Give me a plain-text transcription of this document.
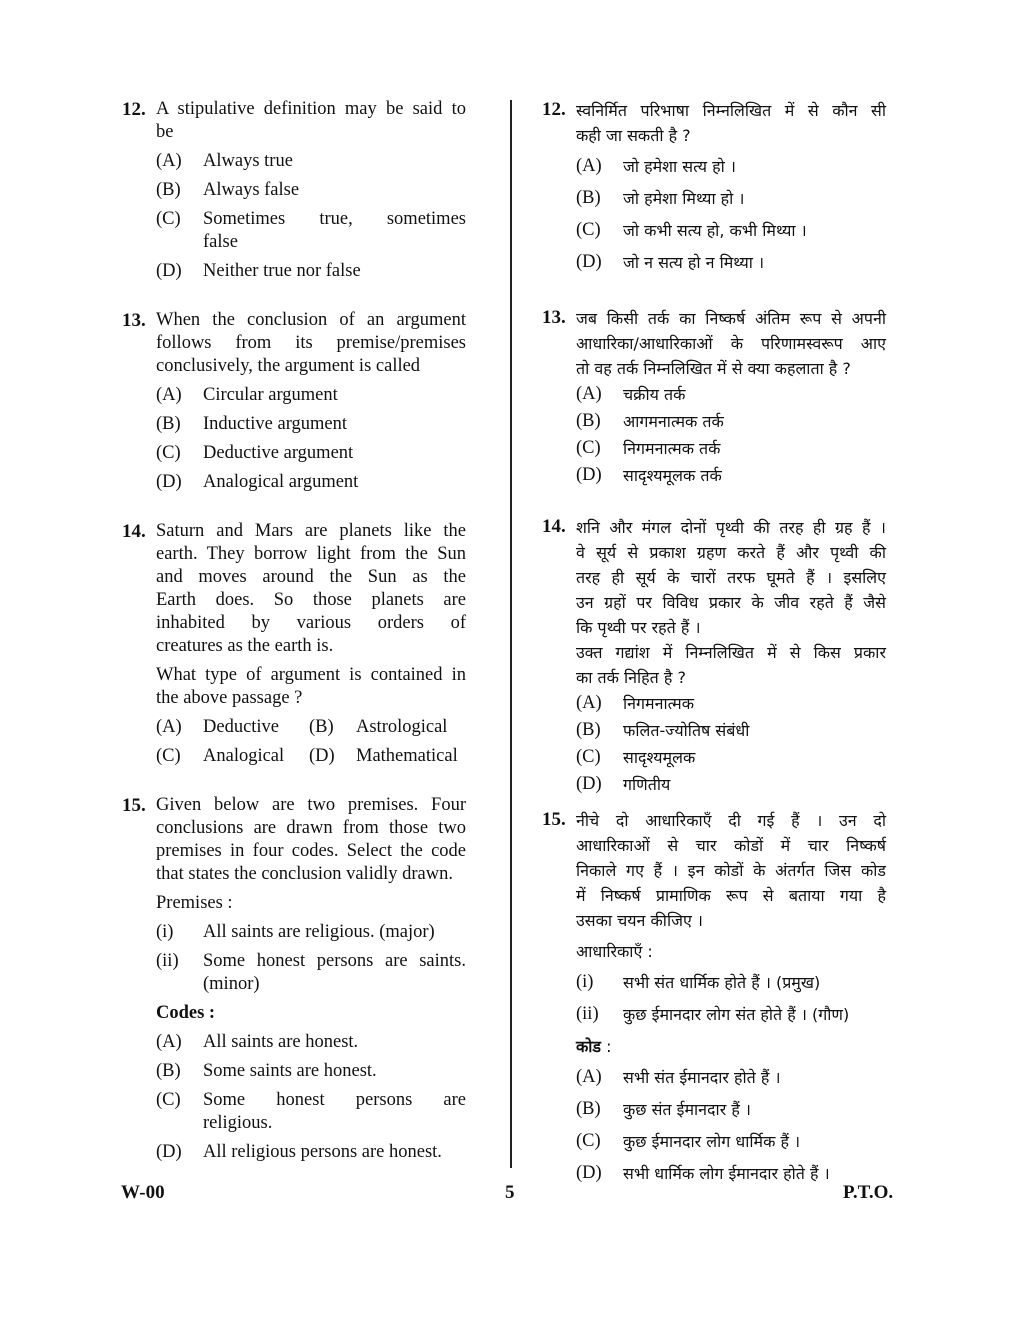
12. A stipulative definition may be said to
be
(A) Always true
(B) Always false
(C) Sometimes true, sometimes
false
(D) Neither true nor false
13. When the conclusion of an argument
follows from its premise/premises
conclusively, the argument is called
(A) Circular argument
(B) Inductive argument
(C) Deductive argument
(D) Analogical argument
14. Saturn and Mars are planets like the
earth. They borrow light from the Sun
and moves around the Sun as the
Earth does. So those planets are
inhabited by various orders of
creatures as the earth is.
What type of argument is contained in
the above passage ?
(A)	Deductive	(B)	Astrological
(C)	Analogical	(D)	Mathematical
15. Given below are two premises. Four
conclusions are drawn from those two
premises in four codes. Select the code
that states the conclusion validly drawn.
Premises :
(i) All saints are religious. (major)
(ii) Some honest persons are saints.
(minor)
Codes :
(A) All saints are honest.
(B) Some saints are honest.
(C) Some honest persons are
religious.
(D) All religious persons are honest.
12. स्वनिर्मित परिभाषा निम्नलिखित में से कौन सी
कही जा सकती है ?
(A) जो हमेशा सत्य हो ।
(B) जो हमेशा मिथ्या हो ।
(C) जो कभी सत्य हो, कभी मिथ्या ।
(D) जो न सत्य हो न मिथ्या ।
13. जब किसी तर्क का निष्कर्ष अंतिम रूप से अपनी
आधारिका/आधारिकाओं के परिणामस्वरूप आए
तो वह तर्क निम्नलिखित में से क्या कहलाता है ?
(A) चक्रीय तर्क
(B) आगमनात्मक तर्क
(C) निगमनात्मक तर्क
(D) सादृश्यमूलक तर्क
14. शनि और मंगल दोनों पृथ्वी की तरह ही ग्रह हैं ।
वे सूर्य से प्रकाश ग्रहण करते हैं और पृथ्वी की
तरह ही सूर्य के चारों तरफ घूमते हैं । इसलिए
उन ग्रहों पर विविध प्रकार के जीव रहते हैं जैसे
कि पृथ्वी पर रहते हैं ।
उक्त गद्यांश में निम्नलिखित में से किस प्रकार
का तर्क निहित है ?
(A) निगमनात्मक
(B) फलित-ज्योतिष संबंधी
(C) सादृश्यमूलक
(D) गणितीय
15. नीचे दो आधारिकाएँ दी गई हैं । उन दो
आधारिकाओं से चार कोडों में चार निष्कर्ष
निकाले गए हैं । इन कोडों के अंतर्गत जिस कोड
में निष्कर्ष प्रामाणिक रूप से बताया गया है
उसका चयन कीजिए ।
आधारिकाएँ :
(i) सभी संत धार्मिक होते हैं । (प्रमुख)
(ii) कुछ ईमानदार लोग संत होते हैं । (गौण)
कोड :
(A) सभी संत ईमानदार होते हैं ।
(B) कुछ संत ईमानदार हैं ।
(C) कुछ ईमानदार लोग धार्मिक हैं ।
(D) सभी धार्मिक लोग ईमानदार होते हैं ।
W-00	5	P.T.O.
